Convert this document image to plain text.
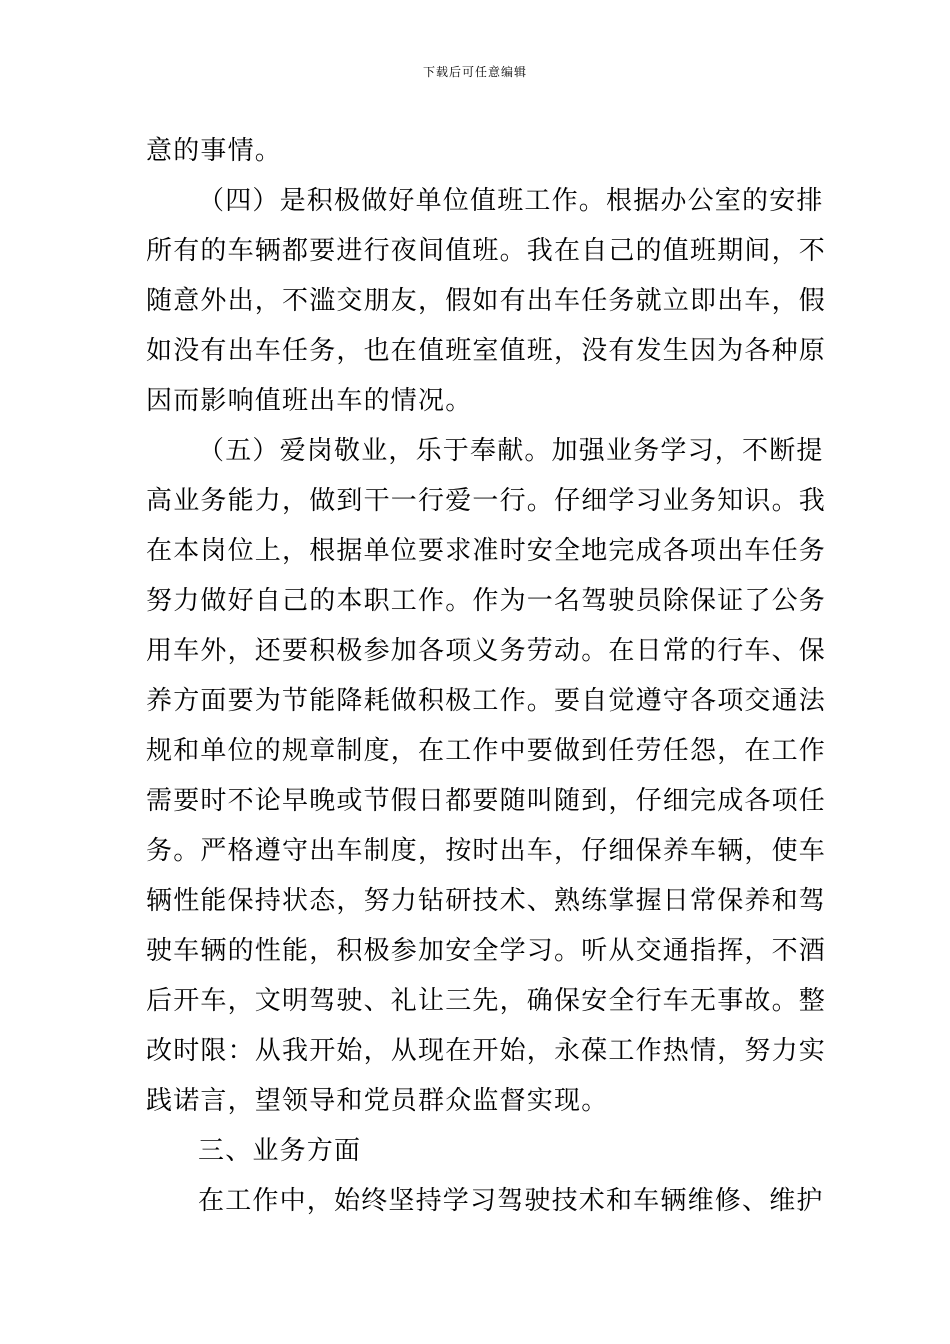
下载后可任意编辑
意的事情。
（四）是积极做好单位值班工作。根据办公室的安排
所有的车辆都要进行夜间值班。我在自己的值班期间，不
随意外出，不滥交朋友，假如有出车任务就立即出车，假
如没有出车任务，也在值班室值班，没有发生因为各种原
因而影响值班出车的情况。
（五）爱岗敬业，乐于奉献。加强业务学习，不断提
高业务能力，做到干一行爱一行。仔细学习业务知识。我
在本岗位上，根据单位要求准时安全地完成各项出车任务
努力做好自己的本职工作。作为一名驾驶员除保证了公务
用车外，还要积极参加各项义务劳动。在日常的行车、保
养方面要为节能降耗做积极工作。要自觉遵守各项交通法
规和单位的规章制度，在工作中要做到任劳任怨，在工作
需要时不论早晚或节假日都要随叫随到，仔细完成各项任
务。严格遵守出车制度，按时出车，仔细保养车辆，使车
辆性能保持状态，努力钻研技术、熟练掌握日常保养和驾
驶车辆的性能，积极参加安全学习。听从交通指挥，不酒
后开车，文明驾驶、礼让三先，确保安全行车无事故。整
改时限：从我开始，从现在开始，永葆工作热情，努力实
践诺言，望领导和党员群众监督实现。
三、业务方面
在工作中，始终坚持学习驾驶技术和车辆维修、维护
